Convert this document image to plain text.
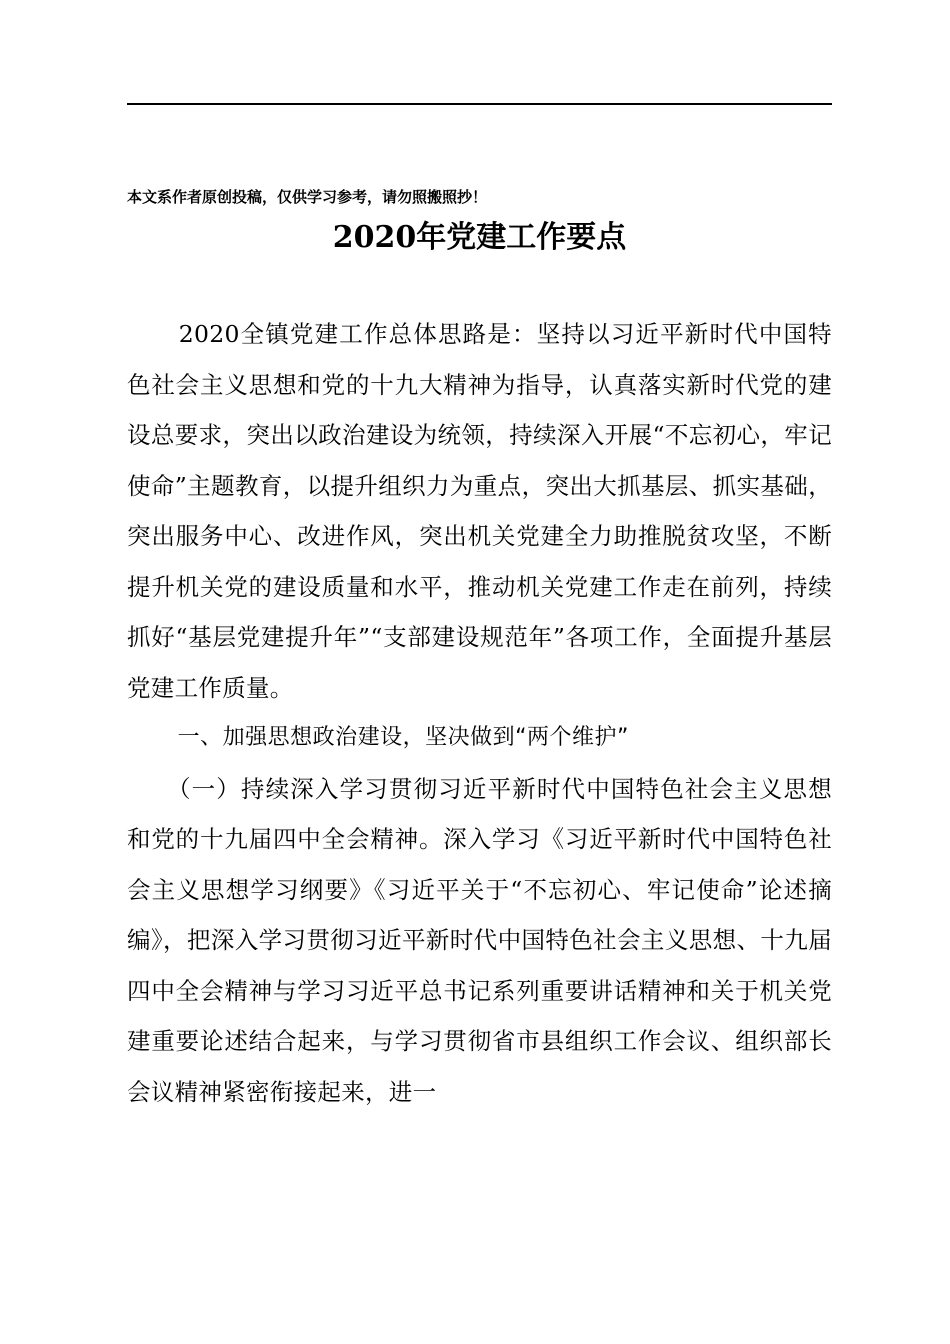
本文系作者原创投稿，仅供学习参考，请勿照搬照抄！
2020年党建工作要点

2020全镇党建工作总体思路是：坚持以习近平新时代中国特色社会主义思想和党的十九大精神为指导，认真落实新时代党的建设总要求，突出以政治建设为统领，持续深入开展“不忘初心，牢记使命”主题教育，以提升组织力为重点，突出大抓基层、抓实基础，突出服务中心、改进作风，突出机关党建全力助推脱贫攻坚，不断提升机关党的建设质量和水平，推动机关党建工作走在前列，持续抓好“基层党建提升年”“支部建设规范年”各项工作，全面提升基层党建工作质量。

一、加强思想政治建设，坚决做到“两个维护”

（一）持续深入学习贯彻习近平新时代中国特色社会主义思想和党的十九届四中全会精神。深入学习《习近平新时代中国特色社会主义思想学习纲要》《习近平关于“不忘初心、牢记使命”论述摘编》，把深入学习贯彻习近平新时代中国特色社会主义思想、十九届四中全会精神与学习习近平总书记系列重要讲话精神和关于机关党建重要论述结合起来，与学习贯彻省市县组织工作会议、组织部长会议精神紧密衔接起来，进一
